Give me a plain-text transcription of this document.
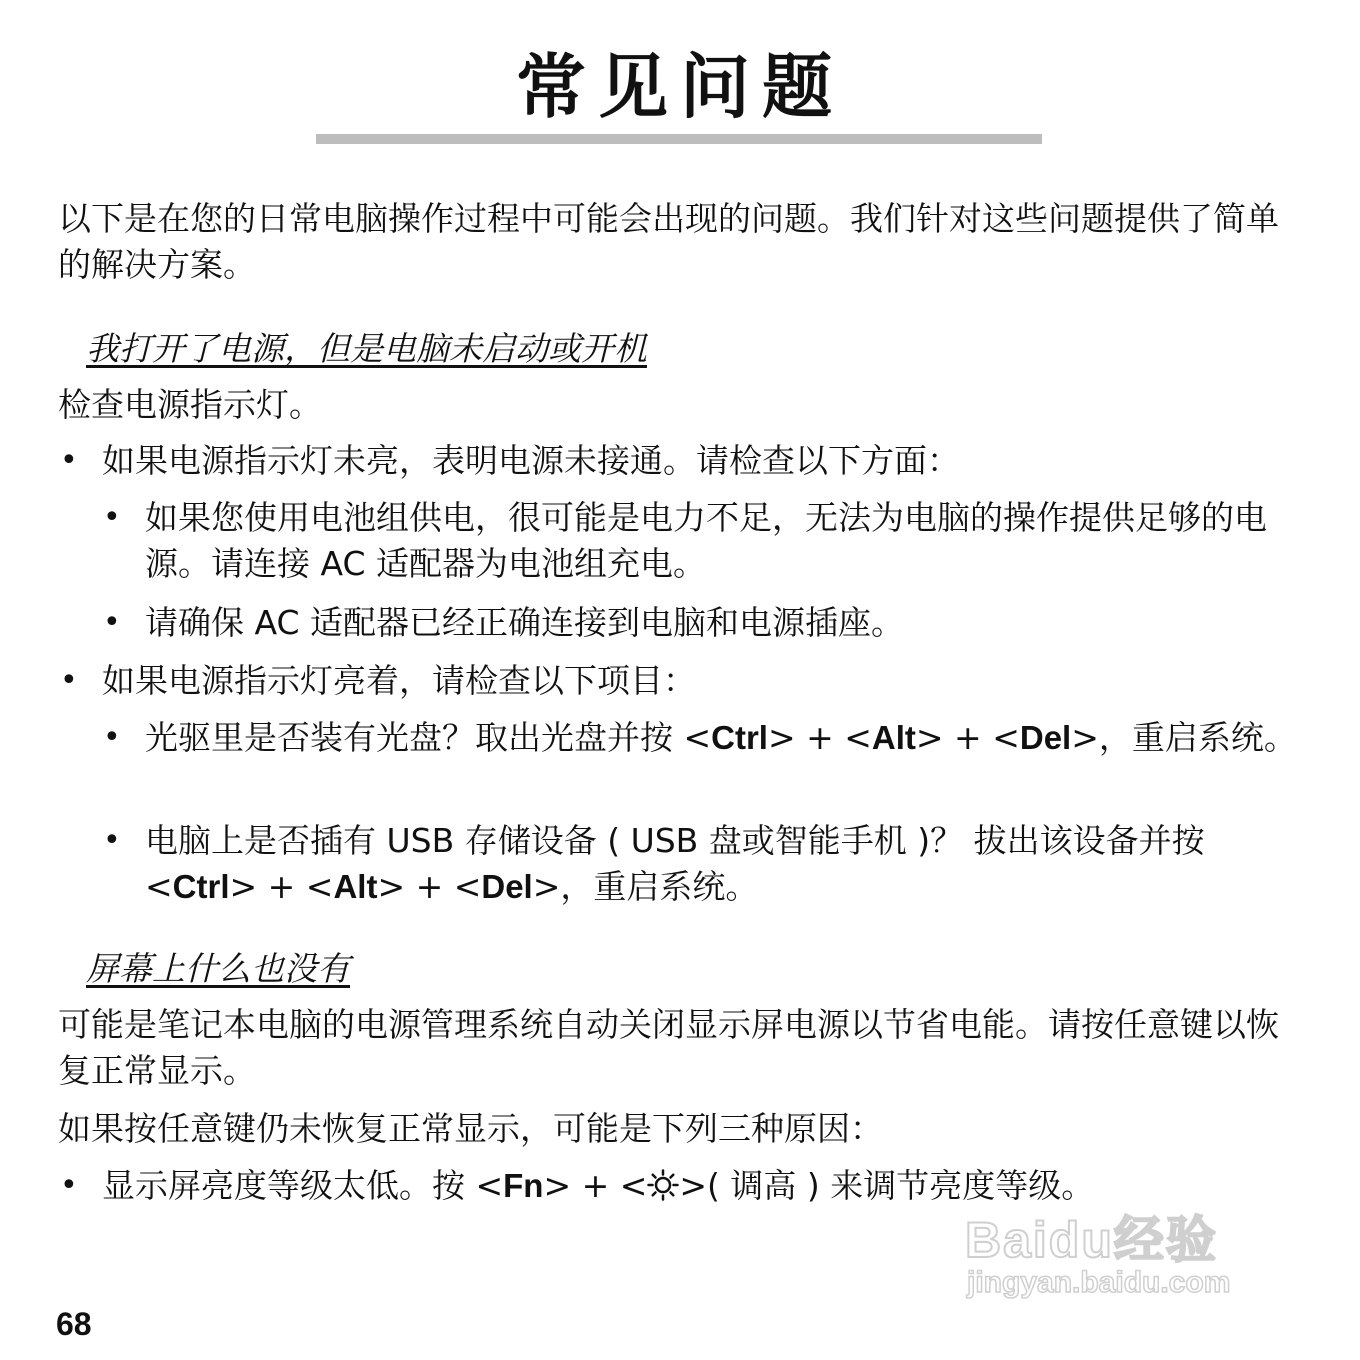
常见问题
以下是在您的日常电脑操作过程中可能会出现的问题。我们针对这些问题提供了简单的解决方案。
我打开了电源，但是电脑未启动或开机
检查电源指示灯。
• 如果电源指示灯未亮，表明电源未接通。请检查以下方面：
• 如果您使用电池组供电，很可能是电力不足，无法为电脑的操作提供足够的电源。请连接 AC 适配器为电池组充电。
• 请确保 AC 适配器已经正确连接到电脑和电源插座。
• 如果电源指示灯亮着，请检查以下项目：
• 光驱里是否装有光盘？取出光盘并按 <Ctrl> + <Alt> + <Del>，重启系统。
• 电脑上是否插有 USB 存储设备 ( USB 盘或智能手机 )？ 拔出该设备并按 <Ctrl> + <Alt> + <Del>，重启系统。
屏幕上什么也没有
可能是笔记本电脑的电源管理系统自动关闭显示屏电源以节省电能。请按任意键以恢复正常显示。
如果按任意键仍未恢复正常显示，可能是下列三种原因：
• 显示屏亮度等级太低。按 <Fn> + < >( 调高 ) 来调节亮度等级。
68
Baidu经验
jingyan.baidu.com
